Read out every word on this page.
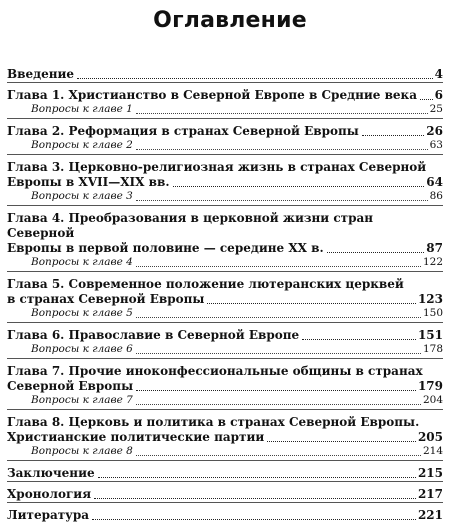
Оглавление
Введение	4
Глава 1. Христианство в Северной Европе в Средние века 6
Вопросы к главе 1	25
Глава 2. Реформация в странах Северной Европы	26
Вопросы к главе 2	63
Глава 3. Церковно-религиозная жизнь в странах Северной
Европы в XVII—XIX вв.	64
Вопросы к главе 3	86
Глава 4. Преобразования в церковной жизни стран Северной
Европы в первой половине — середине XX в.	87
Вопросы к главе 4	122
Глава 5. Современное положение лютеранских церквей
в странах Северной Европы	123
Вопросы к главе 5	150
Глава 6. Православие в Северной Европе	151
Вопросы к главе 6	178
Глава 7. Прочие иноконфессиональные общины в странах
Северной Европы	179
Вопросы к главе 7	204
Глава 8. Церковь и политика в странах Северной Европы.
Христианские политические партии	205
Вопросы к главе 8	214
Заключение	215
Хронология	217
Литература	221
